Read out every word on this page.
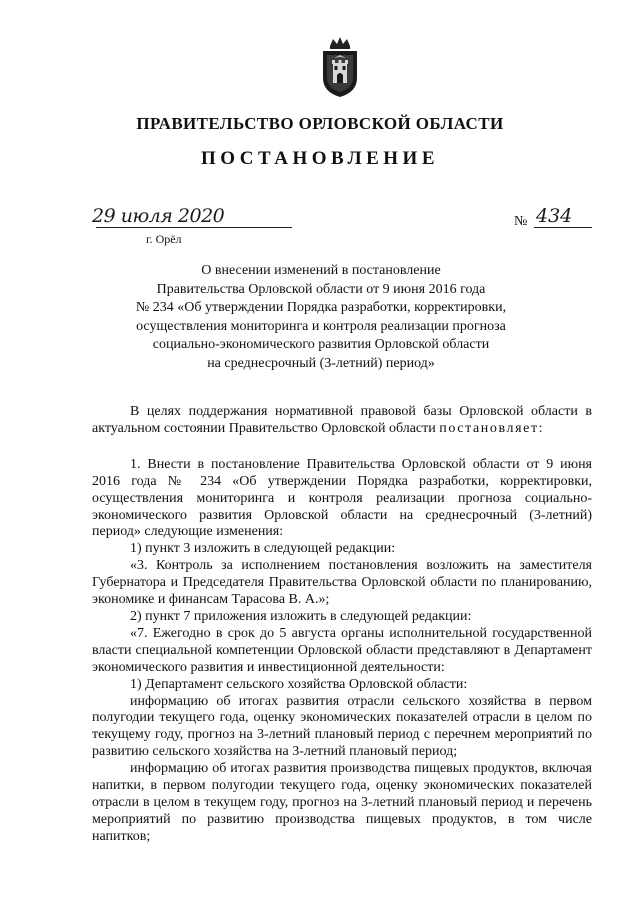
ПРАВИТЕЛЬСТВО ОРЛОВСКОЙ ОБЛАСТИ
ПОСТАНОВЛЕНИЕ
29 июля 2020	№ 434
г. Орёл
О внесении изменений в постановление
Правительства Орловской области от 9 июня 2016 года
№ 234 «Об утверждении Порядка разработки, корректировки,
осуществления мониторинга и контроля реализации прогноза
социально-экономического развития Орловской области
на среднесрочный (3-летний) период»

В целях поддержания нормативной правовой базы Орловской области в актуальном состоянии Правительство Орловской области постановляет:

1. Внести в постановление Правительства Орловской области от 9 июня 2016 года № 234 «Об утверждении Порядка разработки, корректировки, осуществления мониторинга и контроля реализации прогноза социально-экономического развития Орловской области на среднесрочный (3-летний) период» следующие изменения:

1) пункт 3 изложить в следующей редакции:

«3. Контроль за исполнением постановления возложить на заместителя Губернатора и Председателя Правительства Орловской области по планированию, экономике и финансам Тарасова В. А.»;

2) пункт 7 приложения изложить в следующей редакции:

«7. Ежегодно в срок до 5 августа органы исполнительной государственной власти специальной компетенции Орловской области представляют в Департамент экономического развития и инвестиционной деятельности:

1) Департамент сельского хозяйства Орловской области:

информацию об итогах развития отрасли сельского хозяйства в первом полугодии текущего года, оценку экономических показателей отрасли в целом по текущему году, прогноз на 3-летний плановый период с перечнем мероприятий по развитию сельского хозяйства на 3-летний плановый период;

информацию об итогах развития производства пищевых продуктов, включая напитки, в первом полугодии текущего года, оценку экономических показателей отрасли в целом в текущем году, прогноз на 3-летний плановый период и перечень мероприятий по развитию производства пищевых продуктов, в том числе напитков;
